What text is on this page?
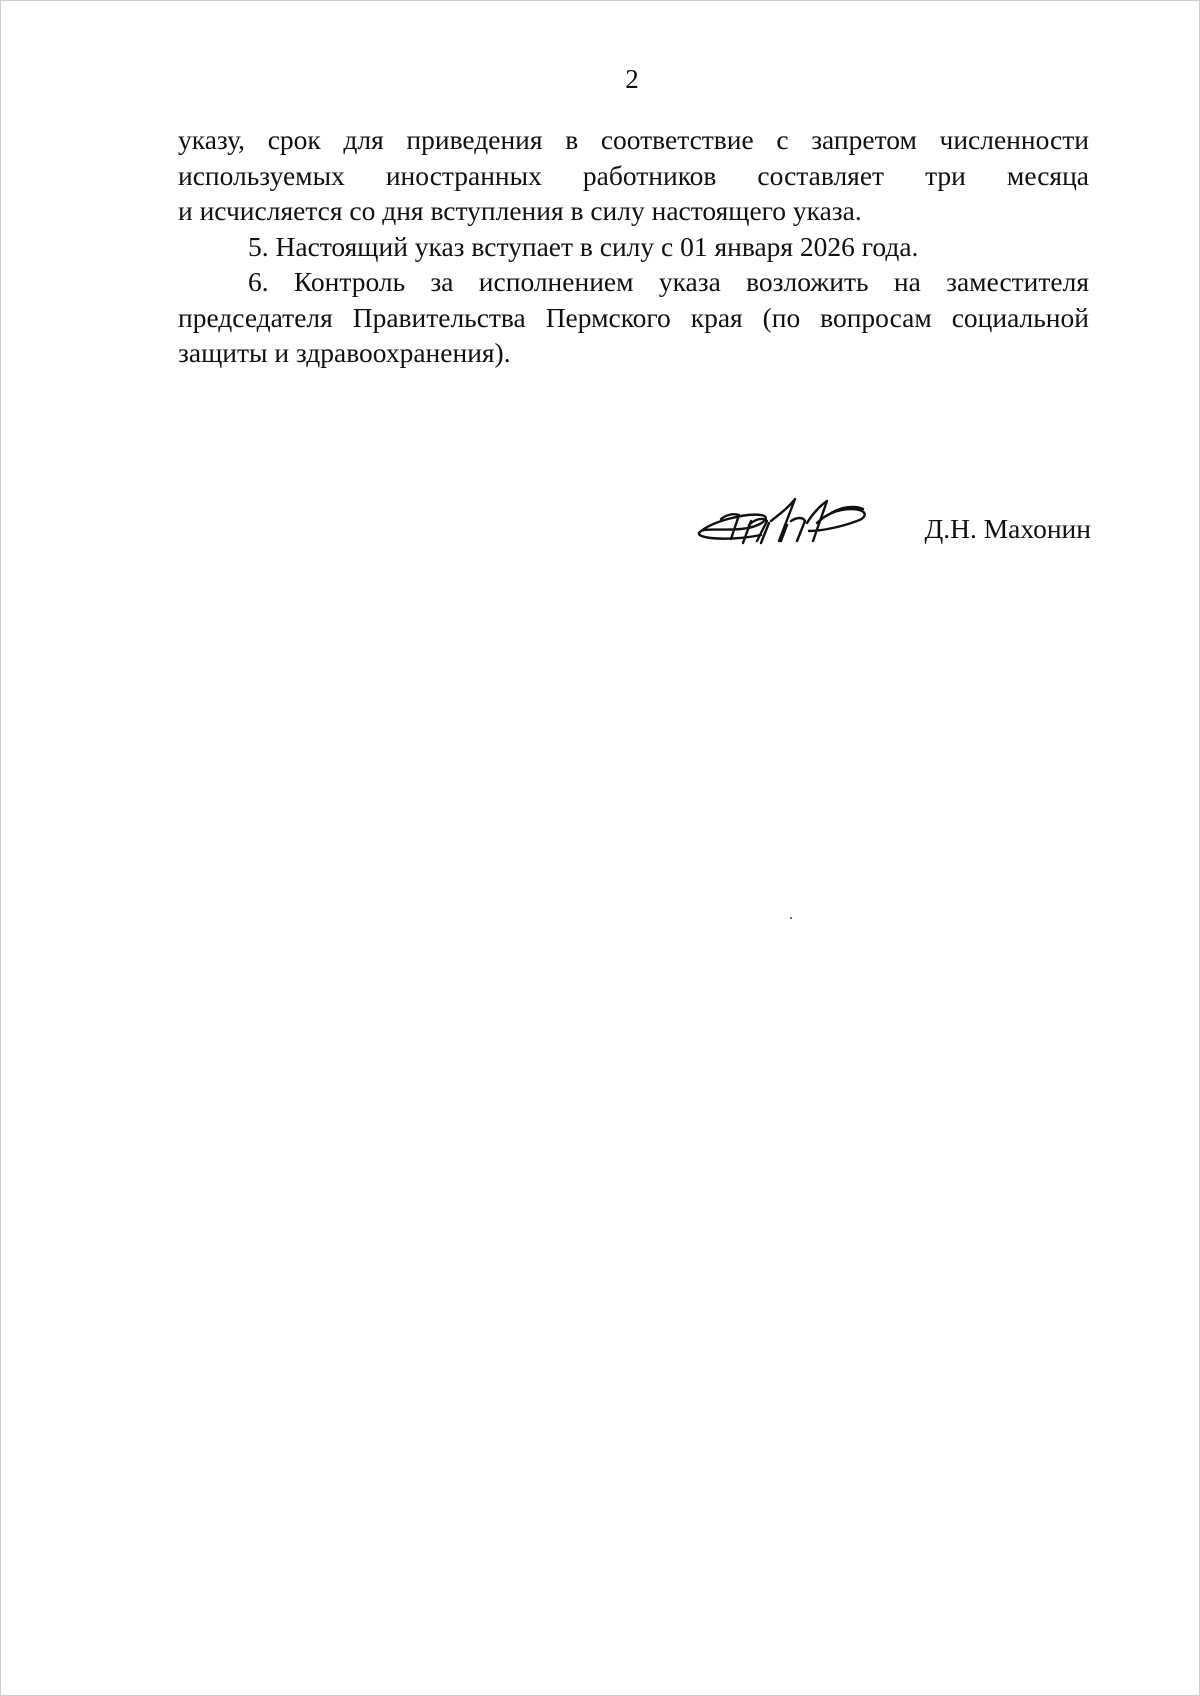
2
указу, срок для приведения в соответствие с запретом численности
используемых иностранных работников составляет три месяца
и исчисляется со дня вступления в силу настоящего указа.
5. Настоящий указ вступает в силу с 01 января 2026 года.
6. Контроль за исполнением указа возложить на заместителя
председателя Правительства Пермского края (по вопросам социальной
защиты и здравоохранения).
Д.Н. Махонин
